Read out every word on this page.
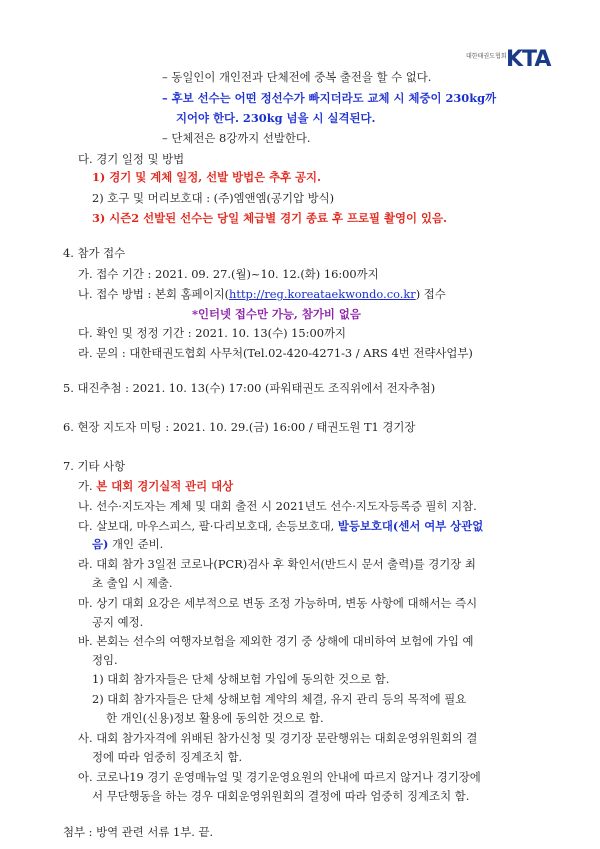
대한태권도협회 KTA
– 동일인이 개인전과 단체전에 중복 출전을 할 수 없다.
– 후보 선수는 어떤 정선수가 빠지더라도 교체 시 체중이 230kg까
지어야 한다. 230kg 넘을 시 실격된다.
– 단체전은 8강까지 선발한다.
다. 경기 일정 및 방법
1) 경기 및 계체 일정, 선발 방법은 추후 공지.
2) 호구 및 머리보호대 : (주)엠앤엠(공기압 방식)
3) 시즌2 선발된 선수는 당일 체급별 경기 종료 후 프로필 촬영이 있음.
4. 참가 접수
가. 접수 기간 : 2021. 09. 27.(월)~10. 12.(화) 16:00까지
나. 접수 방법 : 본회 홈페이지(http://reg.koreataekwondo.co.kr) 접수
*인터넷 접수만 가능, 참가비 없음
다. 확인 및 정정 기간 : 2021. 10. 13(수) 15:00까지
라. 문의 : 대한태권도협회 사무처(Tel.02-420-4271-3 / ARS 4번 전략사업부)
5. 대진추첨 : 2021. 10. 13(수) 17:00 (파워태권도 조직위에서 전자추첨)
6. 현장 지도자 미팅 : 2021. 10. 29.(금) 16:00 / 태권도원 T1 경기장
7. 기타 사항
가. 본 대회 경기실적 관리 대상
나. 선수·지도자는 계체 및 대회 출전 시 2021년도 선수·지도자등록증 필히 지참.
다. 살보대, 마우스피스, 팔·다리보호대, 손등보호대, 발등보호대(센서 여부 상관없
음) 개인 준비.
라. 대회 참가 3일전 코로나(PCR)검사 후 확인서(반드시 문서 출력)를 경기장 최
초 출입 시 제출.
마. 상기 대회 요강은 세부적으로 변동 조정 가능하며, 변동 사항에 대해서는 즉시
공지 예정.
바. 본회는 선수의 여행자보험을 제외한 경기 중 상해에 대비하여 보험에 가입 예
정임.
1) 대회 참가자들은 단체 상해보험 가입에 동의한 것으로 함.
2) 대회 참가자들은 단체 상해보험 계약의 체결, 유지 관리 등의 목적에 필요
한 개인(신용)정보 활용에 동의한 것으로 함.
사. 대회 참가자격에 위배된 참가신청 및 경기장 문란행위는 대회운영위원회의 결
정에 따라 엄중히 징계조치 함.
아. 코로나19 경기 운영매뉴얼 및 경기운영요원의 안내에 따르지 않거나 경기장에
서 무단행동을 하는 경우 대회운영위원회의 결정에 따라 엄중히 징계조치 함.
첨부 : 방역 관련 서류 1부. 끝.
